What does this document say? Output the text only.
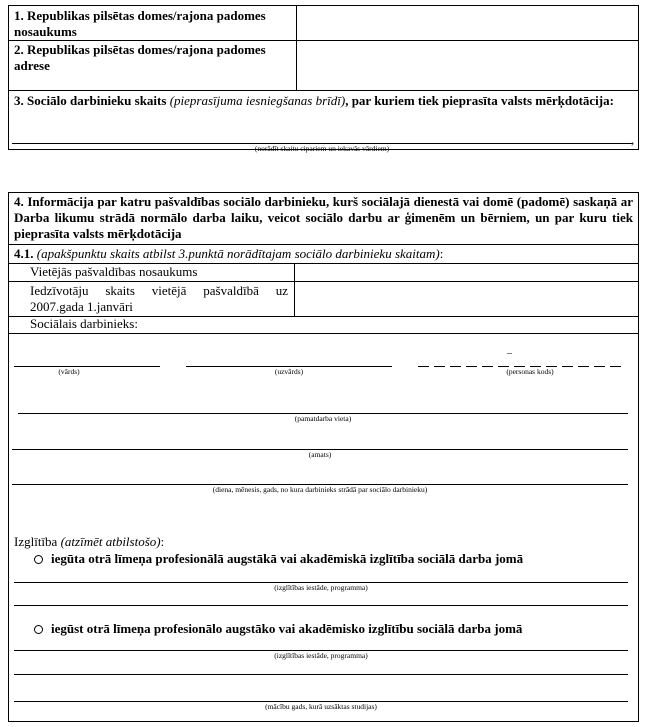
1. Republikas pilsētas domes/rajona padomes nosaukums
2. Republikas pilsētas domes/rajona padomes adrese
3. Sociālo darbinieku skaits (pieprasījuma iesniegšanas brīdī), par kuriem tiek pieprasīta valsts mērķdotācija:
,
(norādīt skaitu cipariem un iekavās vārdiem)
4. Informācija par katru pašvaldības sociālo darbinieku, kurš sociālajā dienestā vai domē (padomē) saskaņā ar Darba likumu strādā normālo darba laiku, veicot sociālo darbu ar ģimenēm un bērniem, un par kuru tiek pieprasīta valsts mērķdotācija
4.1. (apakšpunktu skaits atbilst 3.punktā norādītajam sociālo darbinieku skaitam):
Vietējās pašvaldības nosaukums
Iedzīvotāju skaits vietējā pašvaldībā uz 2007.gada 1.janvāri
Sociālais darbinieks:
(vārds)	(uzvārds)
–
(personas kods)
(pamatdarba vieta)
(amats)
(diena, mēnesis, gads, no kura darbinieks strādā par sociālo darbinieku)
Izglītība (atzīmēt atbilstošo):
iegūta otrā līmeņa profesionālā augstākā vai akadēmiskā izglītība sociālā darba jomā
(izglītības iestāde, programma)
iegūst otrā līmeņa profesionālo augstāko vai akadēmisko izglītību sociālā darba jomā
(izglītības iestāde, programma)
(mācību gads, kurā uzsāktas studijas)
